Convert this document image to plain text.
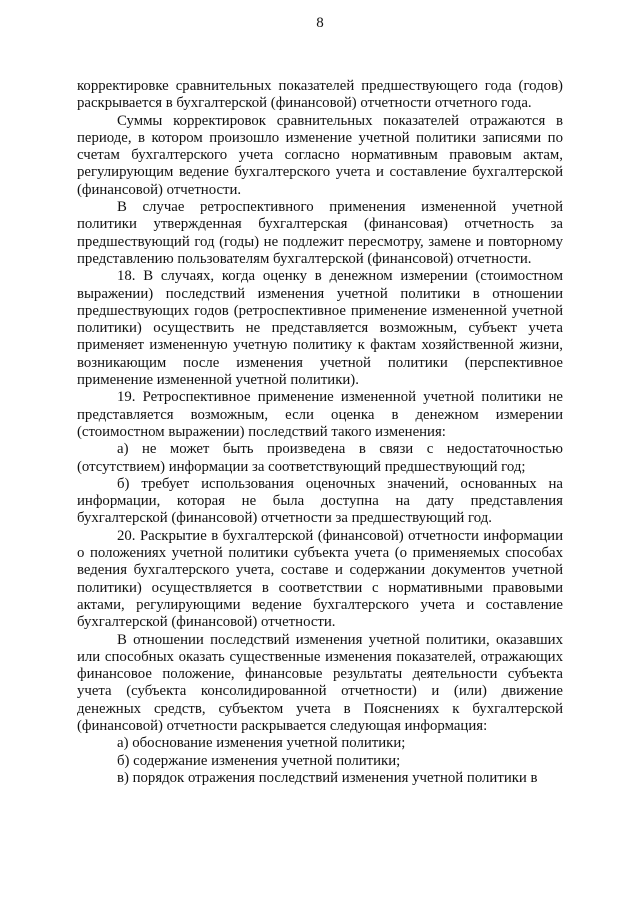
8

корректировке сравнительных показателей предшествующего года (годов) раскрывается в бухгалтерской (финансовой) отчетности отчетного года.

Суммы корректировок сравнительных показателей отражаются в периоде, в котором произошло изменение учетной политики записями по счетам бухгалтерского учета согласно нормативным правовым актам, регулирующим ведение бухгалтерского учета и составление бухгалтерской (финансовой) отчетности.

В случае ретроспективного применения измененной учетной политики утвержденная бухгалтерская (финансовая) отчетность за предшествующий год (годы) не подлежит пересмотру, замене и повторному представлению пользователям бухгалтерской (финансовой) отчетности.

18. В случаях, когда оценку в денежном измерении (стоимостном выражении) последствий изменения учетной политики в отношении предшествующих годов (ретроспективное применение измененной учетной политики) осуществить не представляется возможным, субъект учета применяет измененную учетную политику к фактам хозяйственной жизни, возникающим после изменения учетной политики (перспективное применение измененной учетной политики).

19. Ретроспективное применение измененной учетной политики не представляется возможным, если оценка в денежном измерении (стоимостном выражении) последствий такого изменения:

а) не может быть произведена в связи с недостаточностью (отсутствием) информации за соответствующий предшествующий год;

б) требует использования оценочных значений, основанных на информации, которая не была доступна на дату представления бухгалтерской (финансовой) отчетности за предшествующий год.

20. Раскрытие в бухгалтерской (финансовой) отчетности информации о положениях учетной политики субъекта учета (о применяемых способах ведения бухгалтерского учета, составе и содержании документов учетной политики) осуществляется в соответствии с нормативными правовыми актами, регулирующими ведение бухгалтерского учета и составление бухгалтерской (финансовой) отчетности.

В отношении последствий изменения учетной политики, оказавших или способных оказать существенные изменения показателей, отражающих финансовое положение, финансовые результаты деятельности субъекта учета (субъекта консолидированной отчетности) и (или) движение денежных средств, субъектом учета в Пояснениях к бухгалтерской (финансовой) отчетности раскрывается следующая информация:

а) обоснование изменения учетной политики;

б) содержание изменения учетной политики;

в) порядок отражения последствий изменения учетной политики в
